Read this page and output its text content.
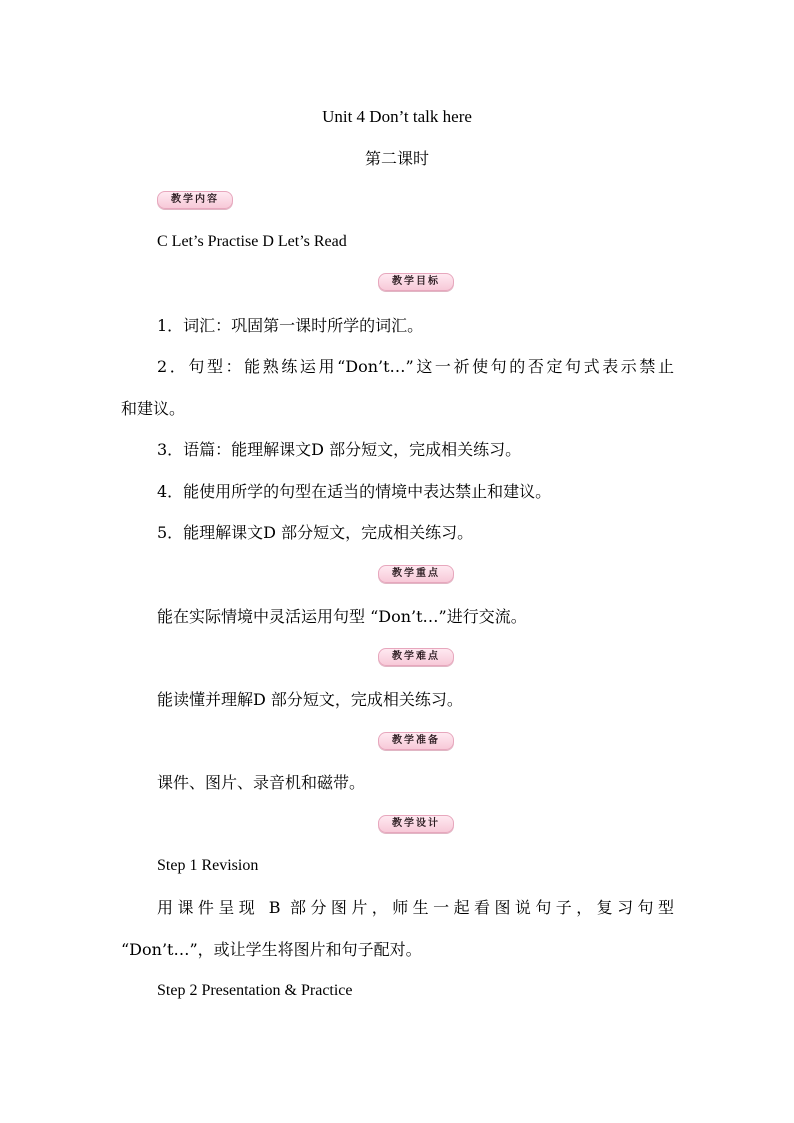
Unit 4 Don’t talk here
第二课时
教学内容
C Let’s Practise D Let’s Read
教学目标
1．词汇：巩固第一课时所学的词汇。
2．句型：能熟练运用“Don’t…”这一祈使句的否定句式表示禁止
和建议。
3．语篇：能理解课文D 部分短文，完成相关练习。
4．能使用所学的句型在适当的情境中表达禁止和建议。
5．能理解课文D 部分短文，完成相关练习。
教学重点
能在实际情境中灵活运用句型 “Don’t…”进行交流。
教学难点
能读懂并理解D 部分短文，完成相关练习。
教学准备
课件、图片、录音机和磁带。
教学设计
Step 1 Revision
用课件呈现 B 部分图片，师生一起看图说句子，复习句型
“Don’t…”，或让学生将图片和句子配对。
Step 2 Presentation & Practice
